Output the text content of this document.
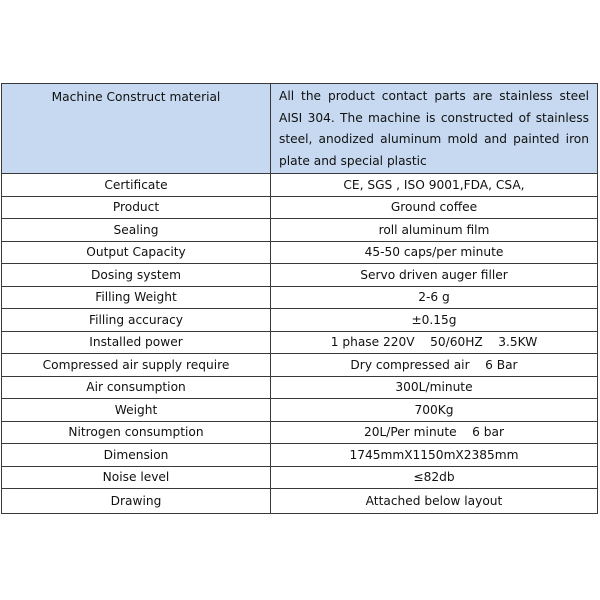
Machine Construct material	All the product contact parts are stainless steel AISI 304. The machine is constructed of stainless steel, anodized aluminum mold and painted iron plate and special plastic
Certificate	CE, SGS , ISO 9001,FDA, CSA,
Product	Ground coffee
Sealing	roll aluminum film
Output Capacity	45-50 caps/per minute
Dosing system	Servo driven auger filler
Filling Weight	2-6 g
Filling accuracy	±0.15g
Installed power	1 phase 220V    50/60HZ    3.5KW
Compressed air supply require	Dry compressed air    6 Bar
Air consumption	300L/minute
Weight	700Kg
Nitrogen consumption	20L/Per minute    6 bar
Dimension	1745mmX1150mX2385mm
Noise level	≤82db
Drawing	Attached below layout
